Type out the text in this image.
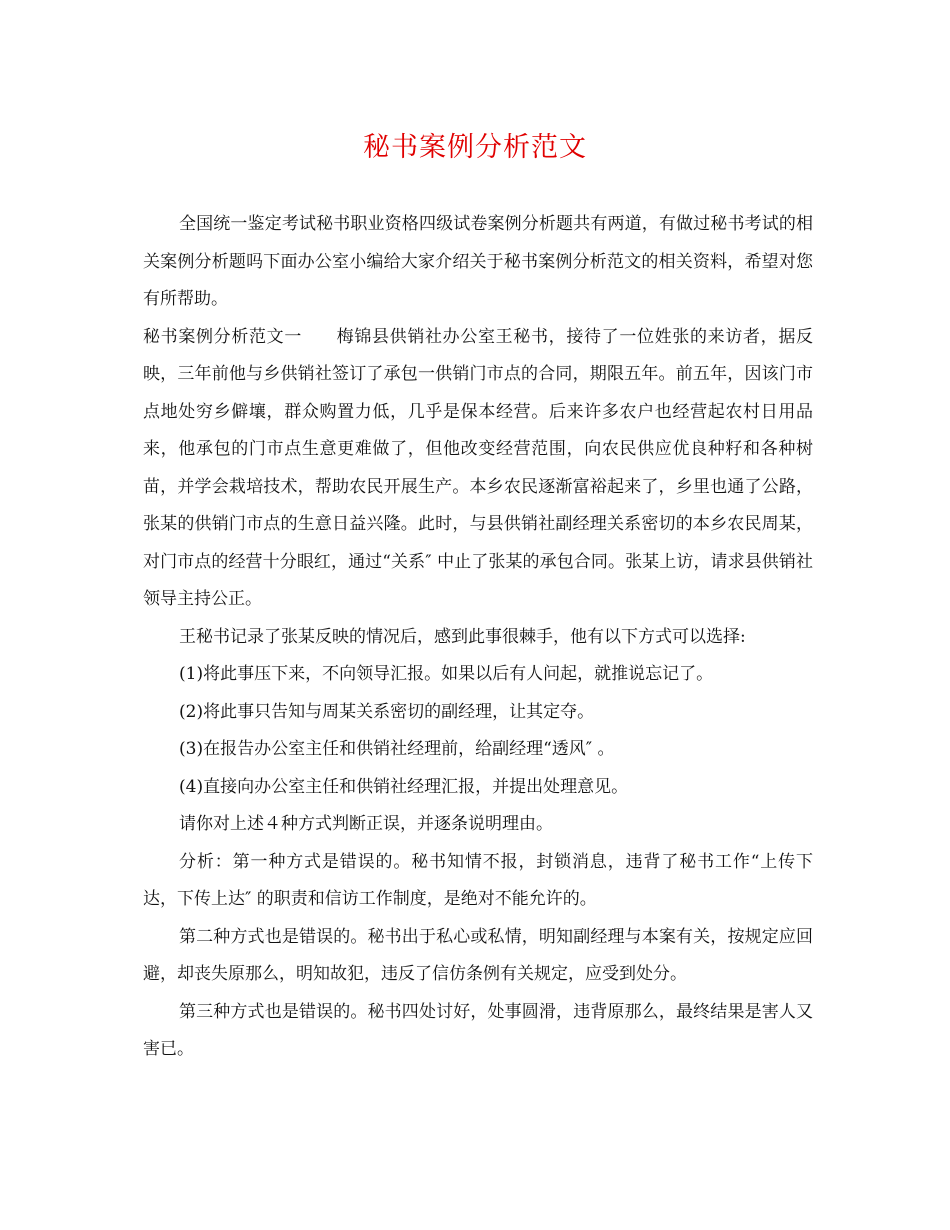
秘书案例分析范文

全国统一鉴定考试秘书职业资格四级试卷案例分析题共有两道，有做过秘书考试的相关案例分析题吗下面办公室小编给大家介绍关于秘书案例分析范文的相关资料，希望对您有所帮助。

秘书案例分析范文一 梅锦县供销社办公室王秘书，接待了一位姓张的来访者，据反映，三年前他与乡供销社签订了承包一供销门市点的合同，期限五年。前五年，因该门市点地处穷乡僻壤，群众购置力低，几乎是保本经营。后来许多农户也经营起农村日用品来，他承包的门市点生意更难做了，但他改变经营范围，向农民供应优良种籽和各种树苗，并学会栽培技术，帮助农民开展生产。本乡农民逐渐富裕起来了，乡里也通了公路，张某的供销门市点的生意日益兴隆。此时，与县供销社副经理关系密切的本乡农民周某，对门市点的经营十分眼红，通过“关系″ 中止了张某的承包合同。张某上访，请求县供销社领导主持公正。

王秘书记录了张某反映的情况后，感到此事很棘手，他有以下方式可以选择:

(1)将此事压下来，不向领导汇报。如果以后有人问起，就推说忘记了。

(2)将此事只告知与周某关系密切的副经理，让其定夺。

(3)在报告办公室主任和供销社经理前，给副经理“透风″ 。

(4)直接向办公室主任和供销社经理汇报，并提出处理意见。

请你对上述４种方式判断正误，并逐条说明理由。

分析：第一种方式是错误的。秘书知情不报，封锁消息，违背了秘书工作“上传下达，下传上达″ 的职责和信访工作制度，是绝对不能允许的。

第二种方式也是错误的。秘书出于私心或私情，明知副经理与本案有关，按规定应回避，却丧失原那么，明知故犯，违反了信仿条例有关规定，应受到处分。

第三种方式也是错误的。秘书四处讨好，处事圆滑，违背原那么，最终结果是害人又害已。
